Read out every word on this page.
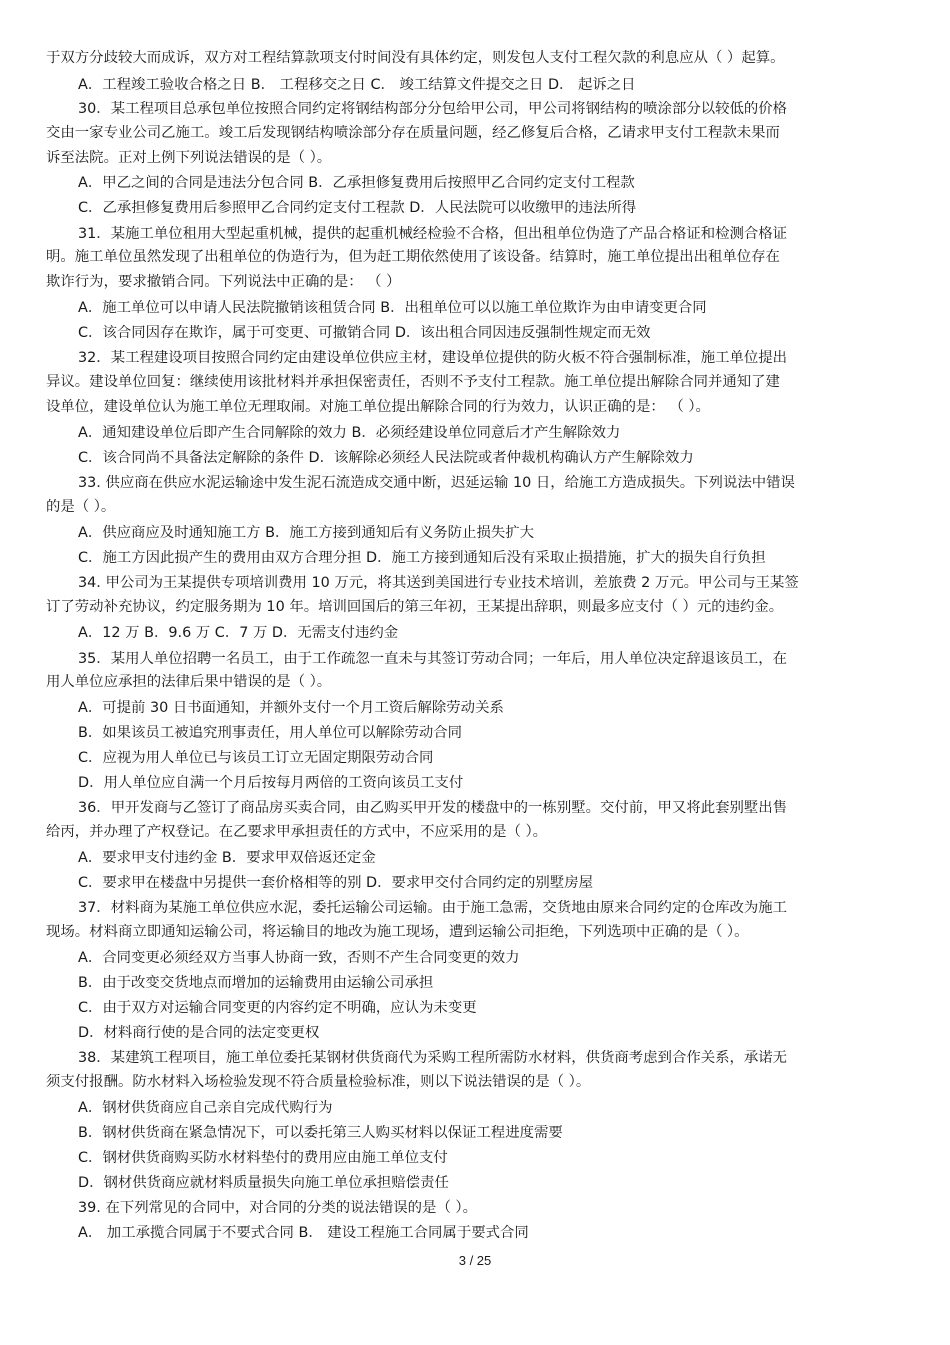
于双方分歧较大而成诉，双方对工程结算款项支付时间没有具体约定，则发包人支付工程欠款的利息应从（ ）起算。
A．工程竣工验收合格之日 B． 工程移交之日 C． 竣工结算文件提交之日 D． 起诉之日
30．某工程项目总承包单位按照合同约定将钢结构部分分包给甲公司，甲公司将钢结构的喷涂部分以较低的价格
交由一家专业公司乙施工。竣工后发现钢结构喷涂部分存在质量问题，经乙修复后合格，乙请求甲支付工程款未果而
诉至法院。正对上例下列说法错误的是（ ）。
A．甲乙之间的合同是违法分包合同 B．乙承担修复费用后按照甲乙合同约定支付工程款
C．乙承担修复费用后参照甲乙合同约定支付工程款 D．人民法院可以收缴甲的违法所得
31．某施工单位租用大型起重机械，提供的起重机械经检验不合格，但出租单位伪造了产品合格证和检测合格证
明。施工单位虽然发现了出租单位的伪造行为，但为赶工期依然使用了该设备。结算时，施工单位提出出租单位存在
欺诈行为，要求撤销合同。下列说法中正确的是： （ ）
A．施工单位可以申请人民法院撤销该租赁合同 B．出租单位可以以施工单位欺诈为由申请变更合同
C．该合同因存在欺诈，属于可变更、可撤销合同 D．该出租合同因违反强制性规定而无效
32．某工程建设项目按照合同约定由建设单位供应主材，建设单位提供的防火板不符合强制标准，施工单位提出
异议。建设单位回复：继续使用该批材料并承担保密责任，否则不予支付工程款。施工单位提出解除合同并通知了建
设单位，建设单位认为施工单位无理取闹。对施工单位提出解除合同的行为效力，认识正确的是： （ ）。
A．通知建设单位后即产生合同解除的效力 B．必须经建设单位同意后才产生解除效力
C．该合同尚不具备法定解除的条件 D．该解除必须经人民法院或者仲裁机构确认方产生解除效力
33. 供应商在供应水泥运输途中发生泥石流造成交通中断，迟延运输 10 日，给施工方造成损失。下列说法中错误
的是（ ）。
A．供应商应及时通知施工方 B．施工方接到通知后有义务防止损失扩大
C．施工方因此损产生的费用由双方合理分担 D．施工方接到通知后没有采取止损措施，扩大的损失自行负担
34. 甲公司为王某提供专项培训费用 10 万元，将其送到美国进行专业技术培训，差旅费 2 万元。甲公司与王某签
订了劳动补充协议，约定服务期为 10 年。培训回国后的第三年初，王某提出辞职，则最多应支付（ ）元的违约金。
A．12 万 B．9.6 万 C．7 万 D．无需支付违约金
35．某用人单位招聘一名员工，由于工作疏忽一直未与其签订劳动合同；一年后，用人单位决定辞退该员工，在
用人单位应承担的法律后果中错误的是（ ）。
A．可提前 30 日书面通知，并额外支付一个月工资后解除劳动关系
B．如果该员工被追究刑事责任，用人单位可以解除劳动合同
C．应视为用人单位已与该员工订立无固定期限劳动合同
D．用人单位应自满一个月后按每月两倍的工资向该员工支付
36．甲开发商与乙签订了商品房买卖合同，由乙购买甲开发的楼盘中的一栋别墅。交付前，甲又将此套别墅出售
给丙，并办理了产权登记。在乙要求甲承担责任的方式中，不应采用的是（ ）。
A．要求甲支付违约金 B．要求甲双倍返还定金
C．要求甲在楼盘中另提供一套价格相等的别 D．要求甲交付合同约定的别墅房屋
37．材料商为某施工单位供应水泥，委托运输公司运输。由于施工急需，交货地由原来合同约定的仓库改为施工
现场。材料商立即通知运输公司，将运输目的地改为施工现场，遭到运输公司拒绝，下列选项中正确的是（ ）。
A．合同变更必须经双方当事人协商一致，否则不产生合同变更的效力
B．由于改变交货地点而增加的运输费用由运输公司承担
C．由于双方对运输合同变更的内容约定不明确，应认为未变更
D．材料商行使的是合同的法定变更权
38．某建筑工程项目，施工单位委托某钢材供货商代为采购工程所需防水材料，供货商考虑到合作关系，承诺无
须支付报酬。防水材料入场检验发现不符合质量检验标准，则以下说法错误的是（ ）。
A．钢材供货商应自己亲自完成代购行为
B．钢材供货商在紧急情况下，可以委托第三人购买材料以保证工程进度需要
C．钢材供货商购买防水材料垫付的费用应由施工单位支付
D．钢材供货商应就材料质量损失向施工单位承担赔偿责任
39. 在下列常见的合同中，对合同的分类的说法错误的是（ ）。
A． 加工承揽合同属于不要式合同 B． 建设工程施工合同属于要式合同
3 / 25
